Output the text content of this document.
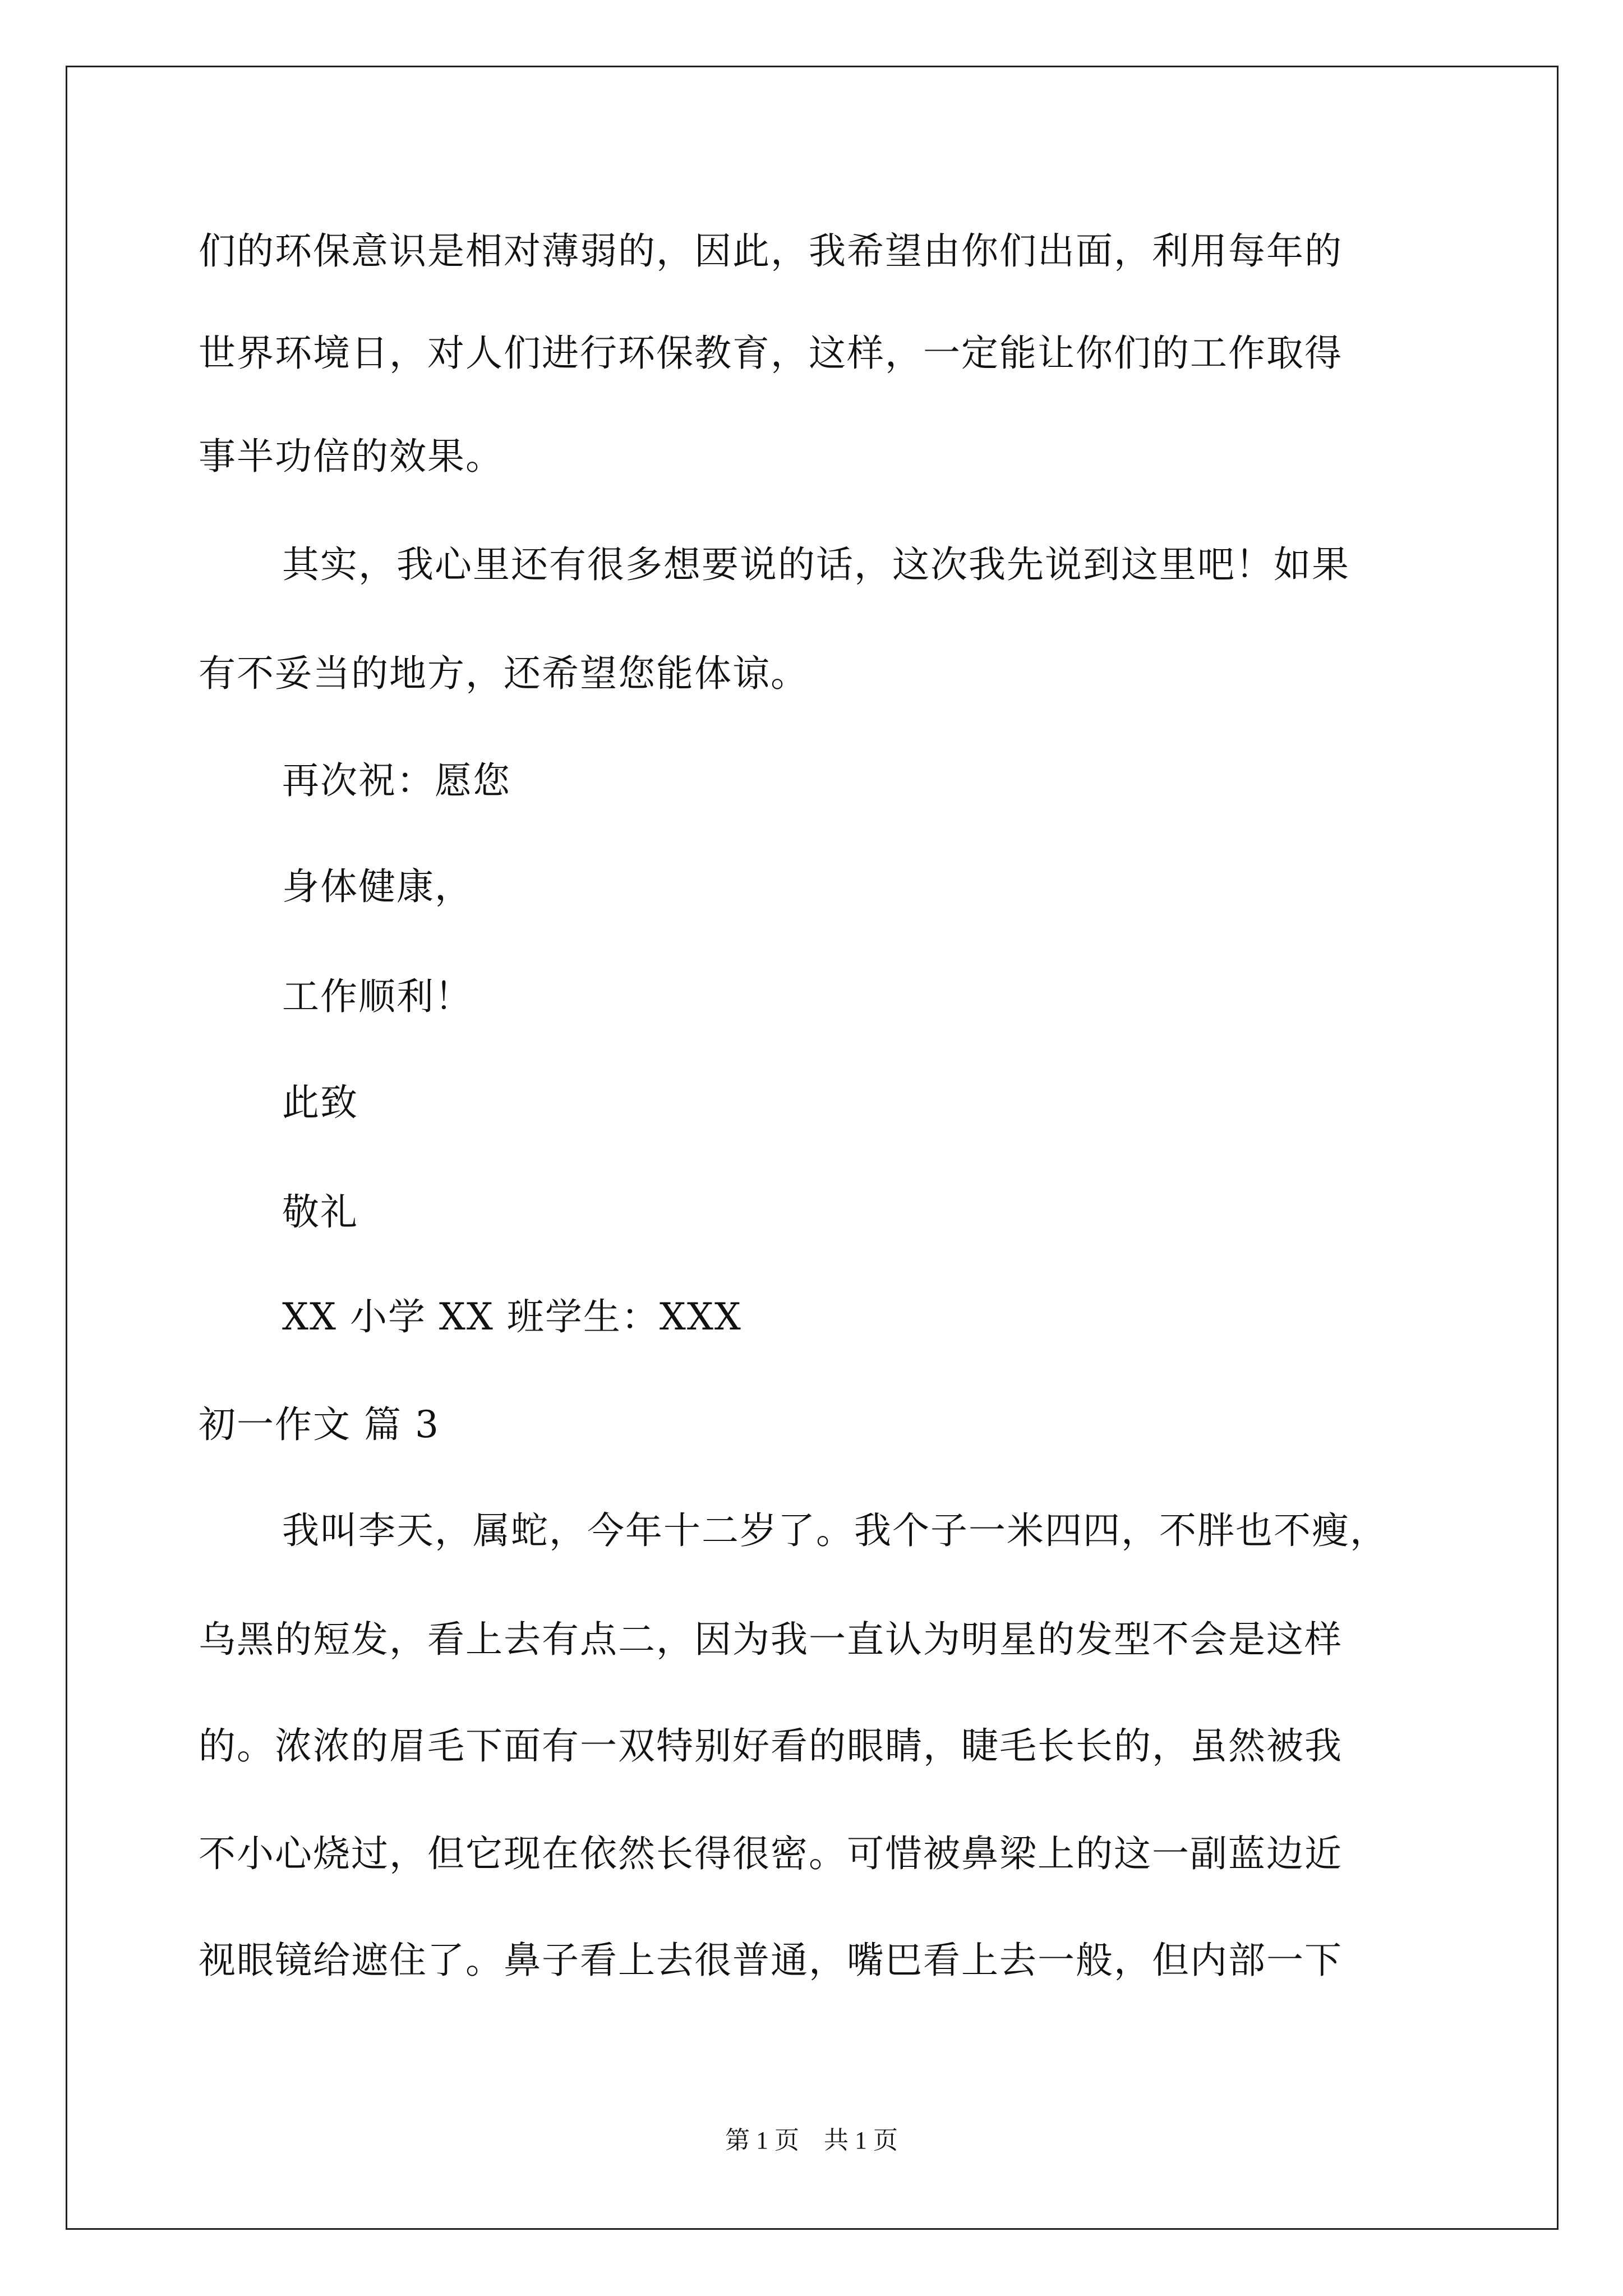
们的环保意识是相对薄弱的，因此，我希望由你们出面，利用每年的
世界环境日，对人们进行环保教育，这样，一定能让你们的工作取得
事半功倍的效果。
其实，我心里还有很多想要说的话，这次我先说到这里吧！如果
有不妥当的地方，还希望您能体谅。
再次祝：愿您
身体健康，
工作顺利！
此致
敬礼
XX 小学 XX 班学生：XXX
初一作文 篇 3
我叫李天，属蛇，今年十二岁了。我个子一米四四，不胖也不瘦，
乌黑的短发，看上去有点二，因为我一直认为明星的发型不会是这样
的。浓浓的眉毛下面有一双特别好看的眼睛，睫毛长长的，虽然被我
不小心烧过，但它现在依然长得很密。可惜被鼻梁上的这一副蓝边近
视眼镜给遮住了。鼻子看上去很普通，嘴巴看上去一般，但内部一下
第 1 页　共 1 页
